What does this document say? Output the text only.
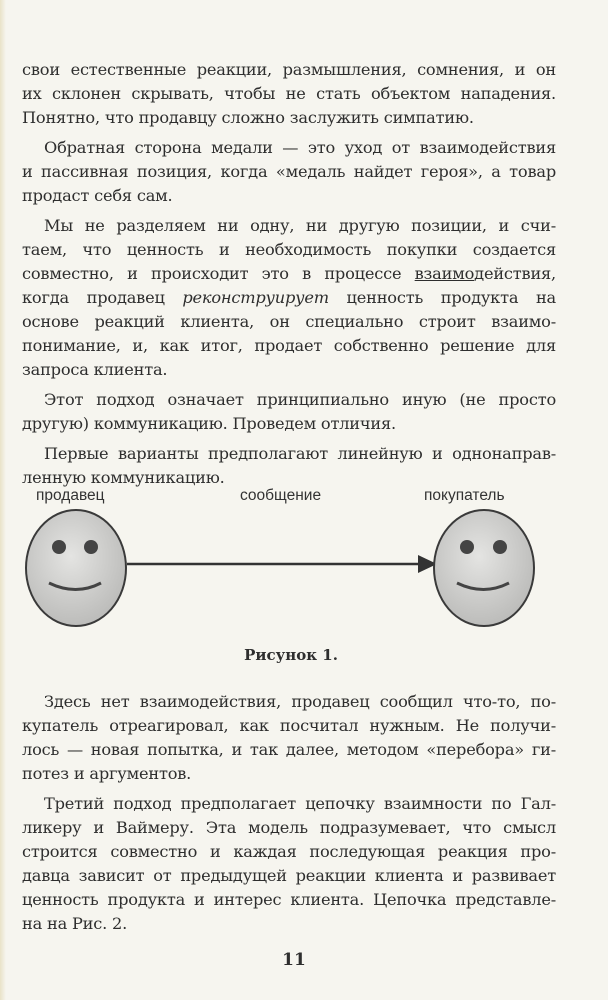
свои естественные реакции, размышления, сомнения, и он
их склонен скрывать, чтобы не стать объектом нападения.
Понятно, что продавцу сложно заслужить симпатию.
Обратная сторона медали — это уход от взаимодействия
и пассивная позиция, когда «медаль найдет героя», а товар
продаст себя сам.
Мы не разделяем ни одну, ни другую позиции, и счи-
таем, что ценность и необходимость покупки создается
совместно, и происходит это в процессе взаимодействия,
когда продавец реконструирует ценность продукта на
основе реакций клиента, он специально строит взаимо-
понимание, и, как итог, продает собственно решение для
запроса клиента.
Этот подход означает принципиально иную (не просто
другую) коммуникацию. Проведем отличия.
Первые варианты предполагают линейную и однонаправ-
ленную коммуникацию.
продавец	сообщение	покупатель
Рисунок 1.
Здесь нет взаимодействия, продавец сообщил что-то, по-
купатель отреагировал, как посчитал нужным. Не получи-
лось — новая попытка, и так далее, методом «перебора» ги-
потез и аргументов.
Третий подход предполагает цепочку взаимности по Гал-
ликеру и Ваймеру. Эта модель подразумевает, что смысл
строится совместно и каждая последующая реакция про-
давца зависит от предыдущей реакции клиента и развивает
ценность продукта и интерес клиента. Цепочка представле-
на на Рис. 2.
11
